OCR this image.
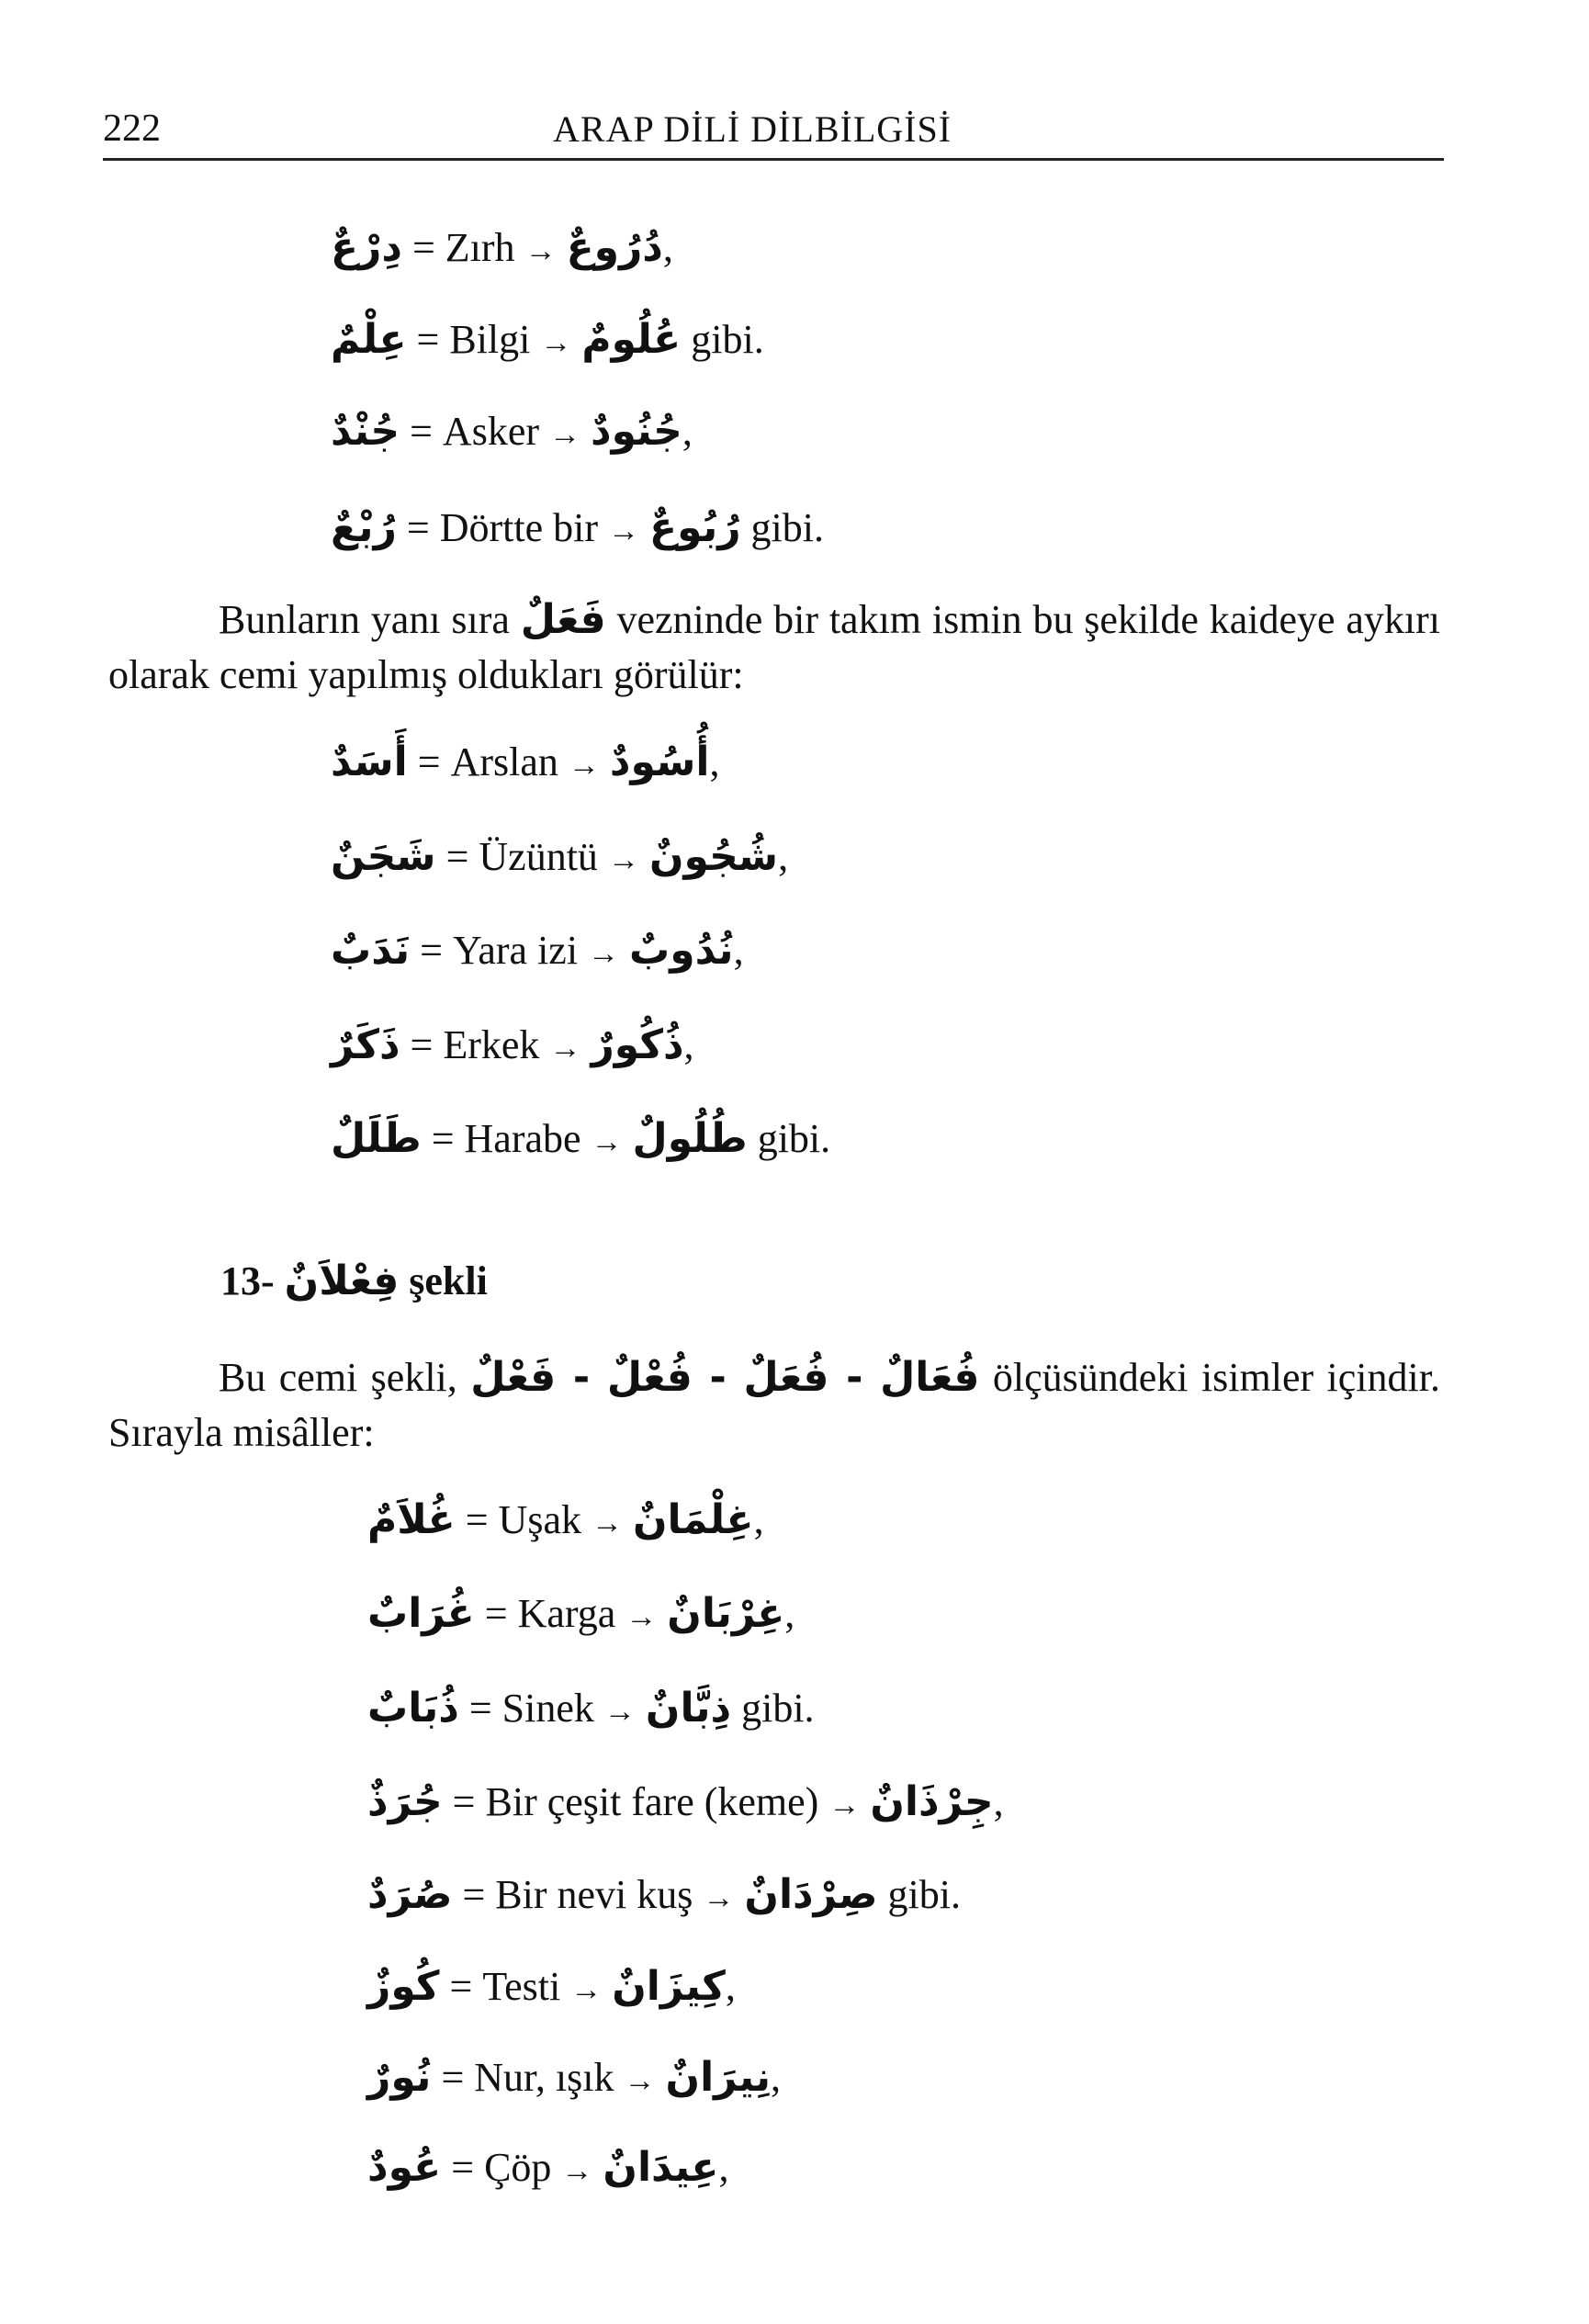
222	ARAP DİLİ DİLBİLGİSİ
دِرْعٌ = Zırh → دُرُوعٌ,
عِلْمٌ = Bilgi → عُلُومٌ gibi.
جُنْدٌ = Asker → جُنُودٌ,
رُبْعٌ = Dörtte bir → رُبُوعٌ gibi.
Bunların yanı sıra فَعَلٌ vezninde bir takım ismin bu şekilde kaideye aykırı olarak cemi yapılmış oldukları görülür:
أَسَدٌ = Arslan → أُسُودٌ,
شَجَنٌ = Üzüntü → شُجُونٌ,
نَدَبٌ = Yara izi → نُدُوبٌ,
ذَكَرٌ = Erkek → ذُكُورٌ,
طَلَلٌ = Harabe → طُلُولٌ gibi.
13- فِعْلاَنٌ şekli
Bu cemi şekli, فُعَالٌ - فُعَلٌ - فُعْلٌ - فَعْلٌ ölçüsündeki isimler içindir. Sırayla misâller:
غُلاَمٌ = Uşak → غِلْمَانٌ,
غُرَابٌ = Karga → غِرْبَانٌ,
ذُبَابٌ = Sinek → ذِبَّانٌ gibi.
جُرَذٌ = Bir çeşit fare (keme) → جِرْذَانٌ,
صُرَدٌ = Bir nevi kuş → صِرْدَانٌ gibi.
كُوزٌ = Testi → كِيزَانٌ,
نُورٌ = Nur, ışık → نِيرَانٌ,
عُودٌ = Çöp → عِيدَانٌ,
